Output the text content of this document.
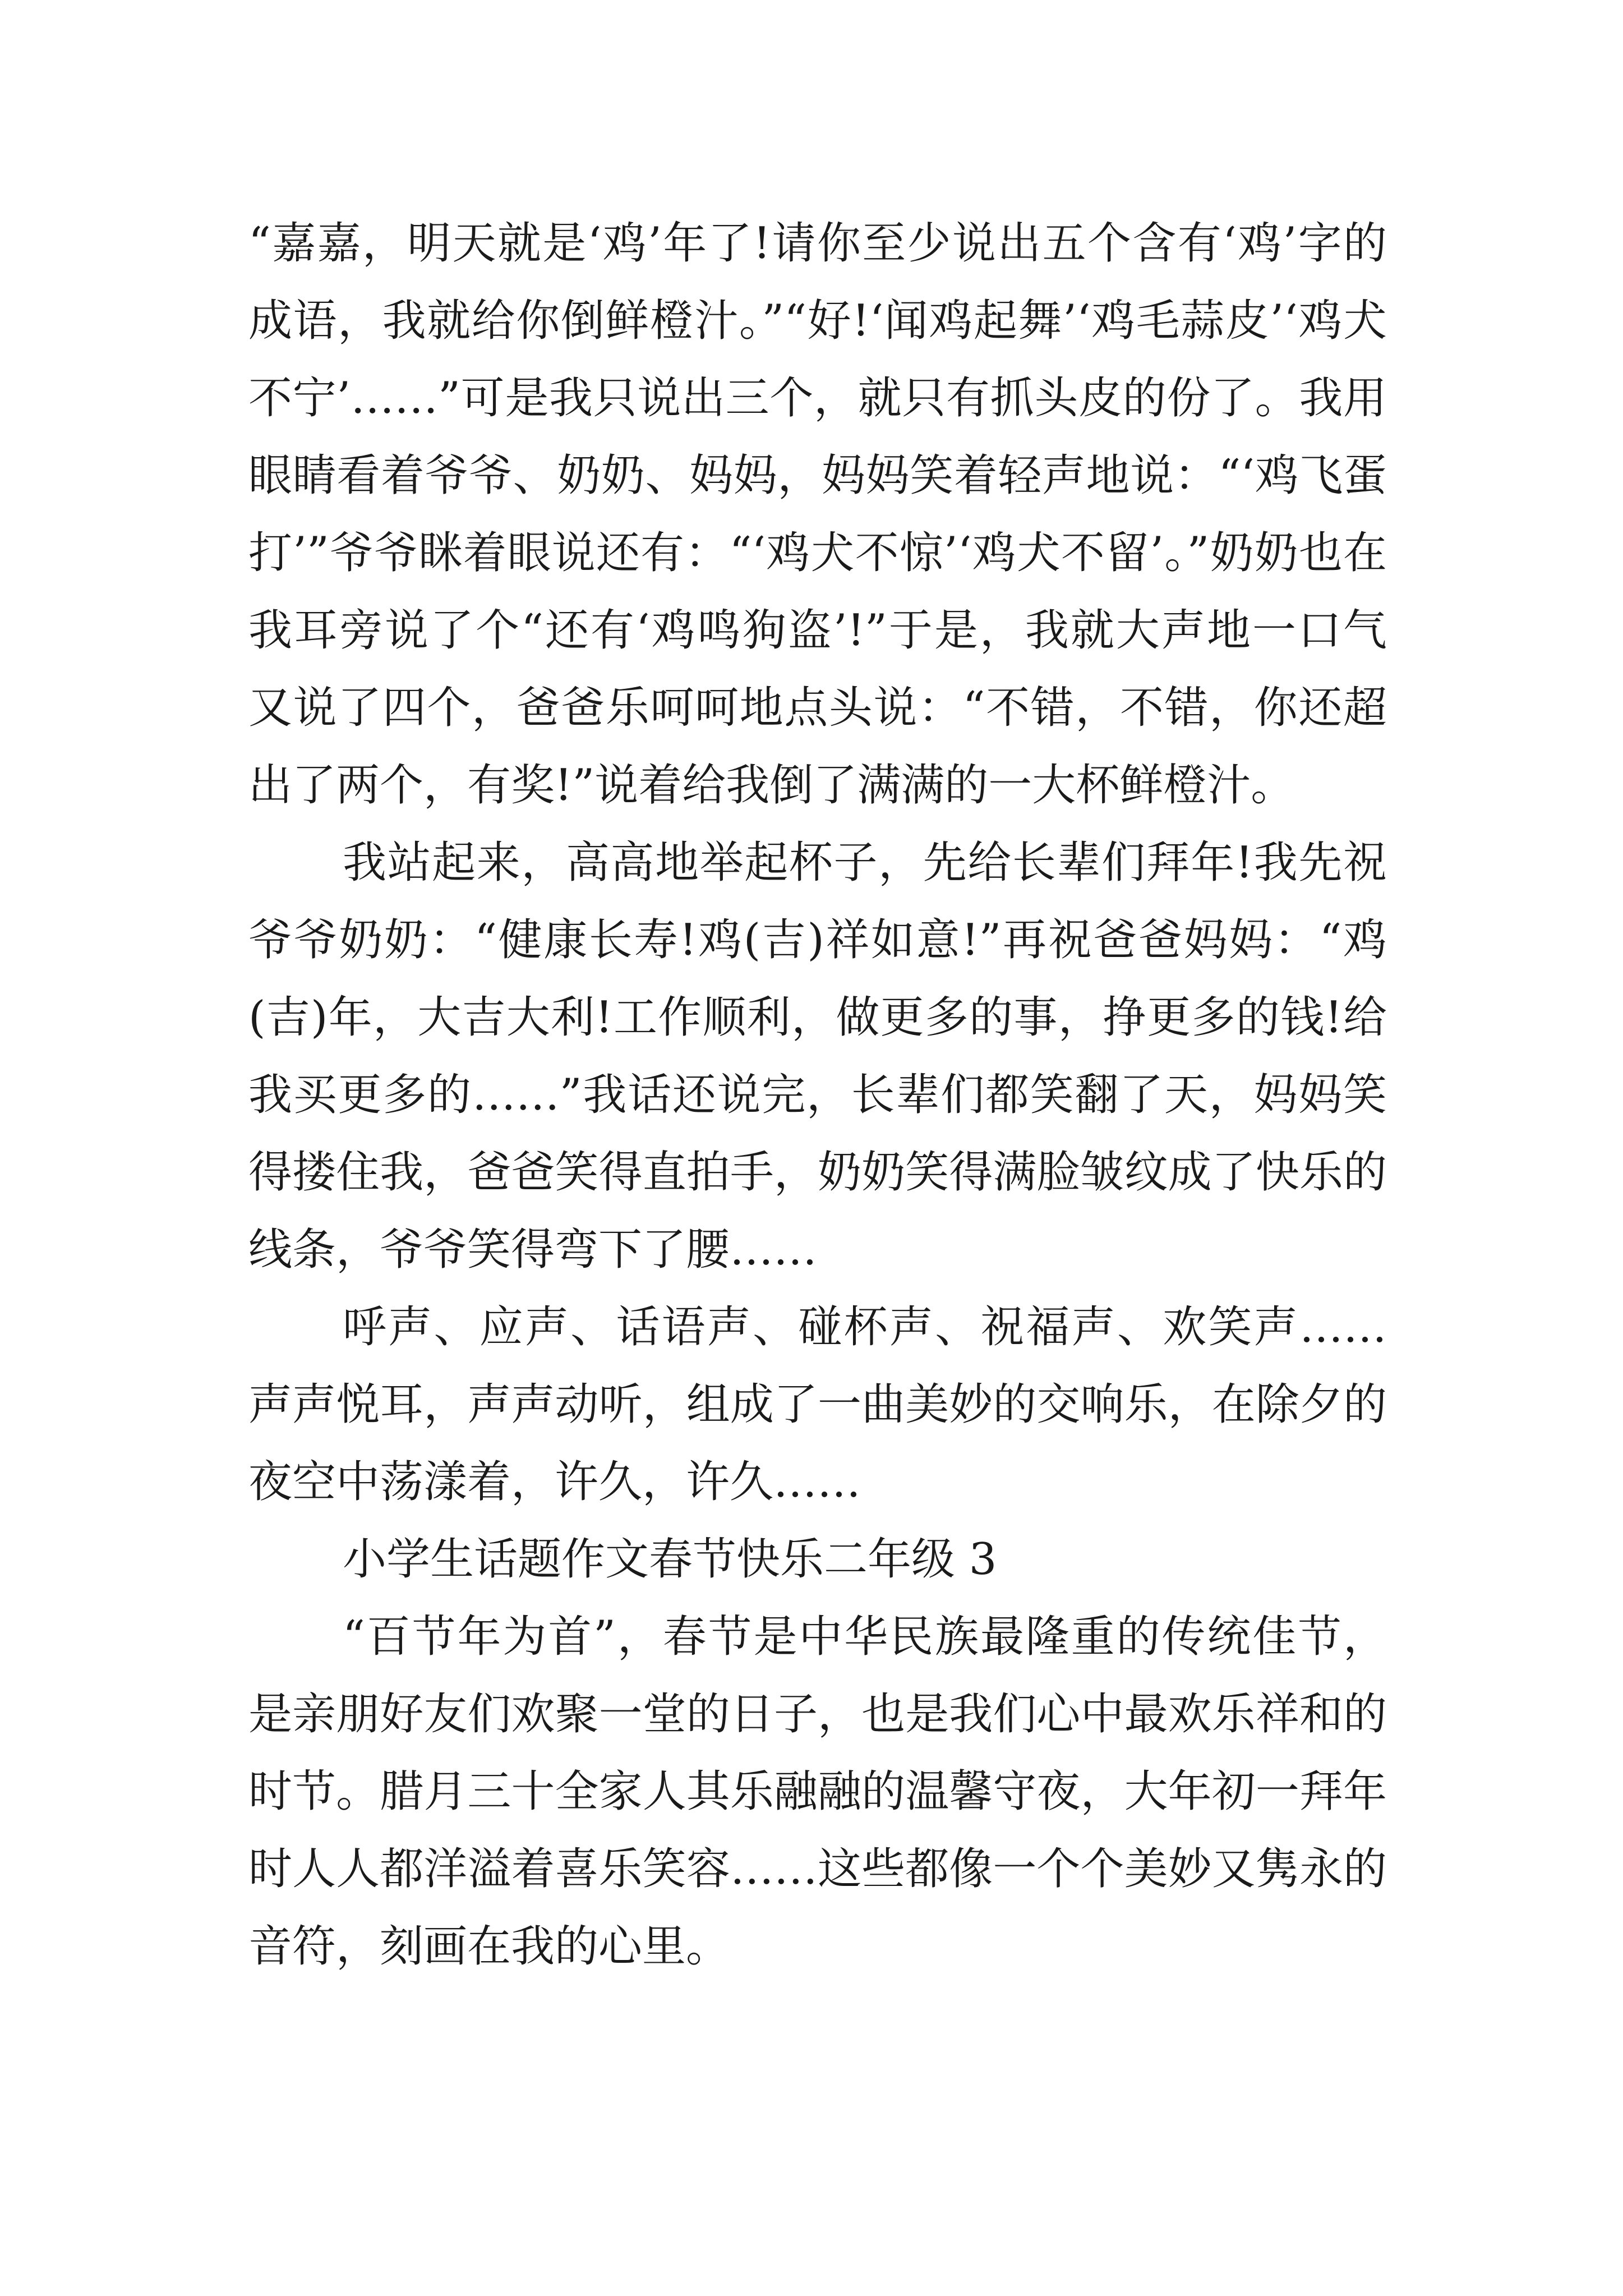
“嘉嘉，明天就是‘鸡’年了!请你至少说出五个含有‘鸡’字的成语，我就给你倒鲜橙汁。”“好!‘闻鸡起舞’‘鸡毛蒜皮’‘鸡犬不宁’……”可是我只说出三个，就只有抓头皮的份了。我用眼睛看着爷爷、奶奶、妈妈，妈妈笑着轻声地说：“‘鸡飞蛋打’”爷爷眯着眼说还有：“‘鸡犬不惊’‘鸡犬不留’。”奶奶也在我耳旁说了个“还有‘鸡鸣狗盗’!”于是，我就大声地一口气又说了四个，爸爸乐呵呵地点头说：“不错，不错，你还超出了两个，有奖!”说着给我倒了满满的一大杯鲜橙汁。

我站起来，高高地举起杯子，先给长辈们拜年!我先祝爷爷奶奶：“健康长寿!鸡(吉)祥如意!”再祝爸爸妈妈：“鸡(吉)年，大吉大利!工作顺利，做更多的事，挣更多的钱!给我买更多的……”我话还说完，长辈们都笑翻了天，妈妈笑得搂住我，爸爸笑得直拍手，奶奶笑得满脸皱纹成了快乐的线条，爷爷笑得弯下了腰……

呼声、应声、话语声、碰杯声、祝福声、欢笑声……声声悦耳，声声动听，组成了一曲美妙的交响乐，在除夕的夜空中荡漾着，许久，许久……

小学生话题作文春节快乐二年级 3

“百节年为首”，春节是中华民族最隆重的传统佳节，是亲朋好友们欢聚一堂的日子，也是我们心中最欢乐祥和的时节。腊月三十全家人其乐融融的温馨守夜，大年初一拜年时人人都洋溢着喜乐笑容……这些都像一个个美妙又隽永的音符，刻画在我的心里。
